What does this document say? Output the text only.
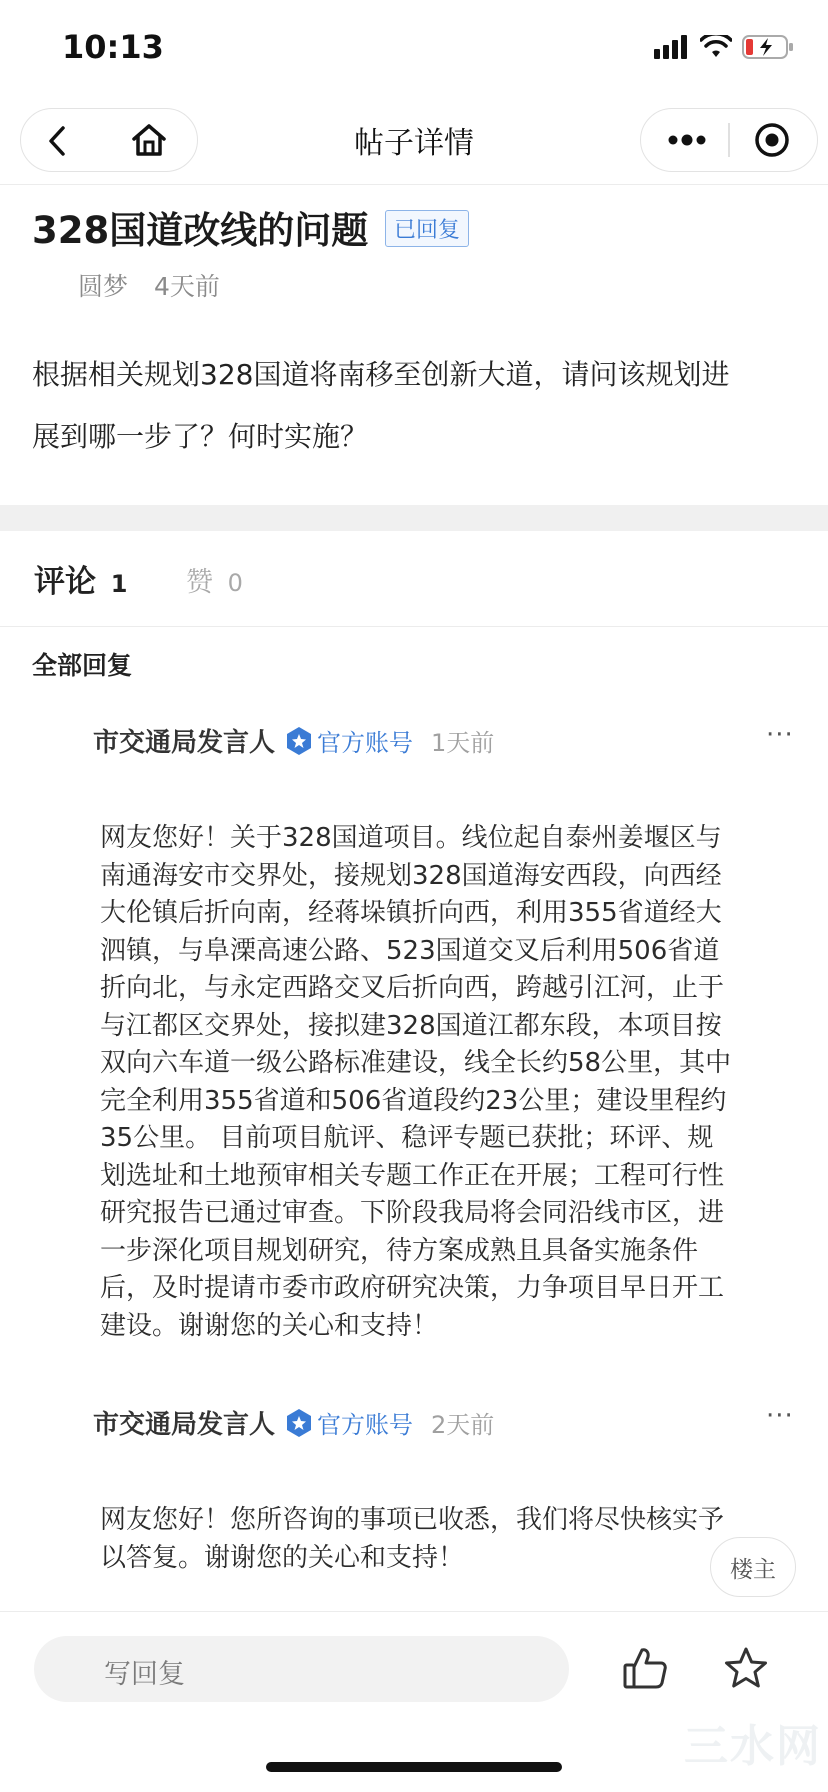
10:13
帖子详情
328国道改线的问题	已回复
圆梦 4天前
根据相关规划328国道将南移至创新大道，请问该规划进
展到哪一步了？何时实施？
评论 1 赞 0
全部回复
市交通局发言人 官方账号 1天前	···
网友您好！关于328国道项目。线位起自泰州姜堰区与
南通海安市交界处，接规划328国道海安西段，向西经
大伦镇后折向南，经蒋垛镇折向西，利用355省道经大
泗镇，与阜溧高速公路、523国道交叉后利用506省道
折向北，与永定西路交叉后折向西，跨越引江河，止于
与江都区交界处，接拟建328国道江都东段，本项目按
双向六车道一级公路标准建设，线全长约58公里，其中
完全利用355省道和506省道段约23公里；建设里程约
35公里。 目前项目航评、稳评专题已获批；环评、规
划选址和土地预审相关专题工作正在开展；工程可行性
研究报告已通过审查。下阶段我局将会同沿线市区，进
一步深化项目规划研究，待方案成熟且具备实施条件
后，及时提请市委市政府研究决策，力争项目早日开工
建设。谢谢您的关心和支持！
市交通局发言人 官方账号 2天前	···
网友您好！您所咨询的事项已收悉，我们将尽快核实予
以答复。谢谢您的关心和支持！	楼主
写回复
三水网
